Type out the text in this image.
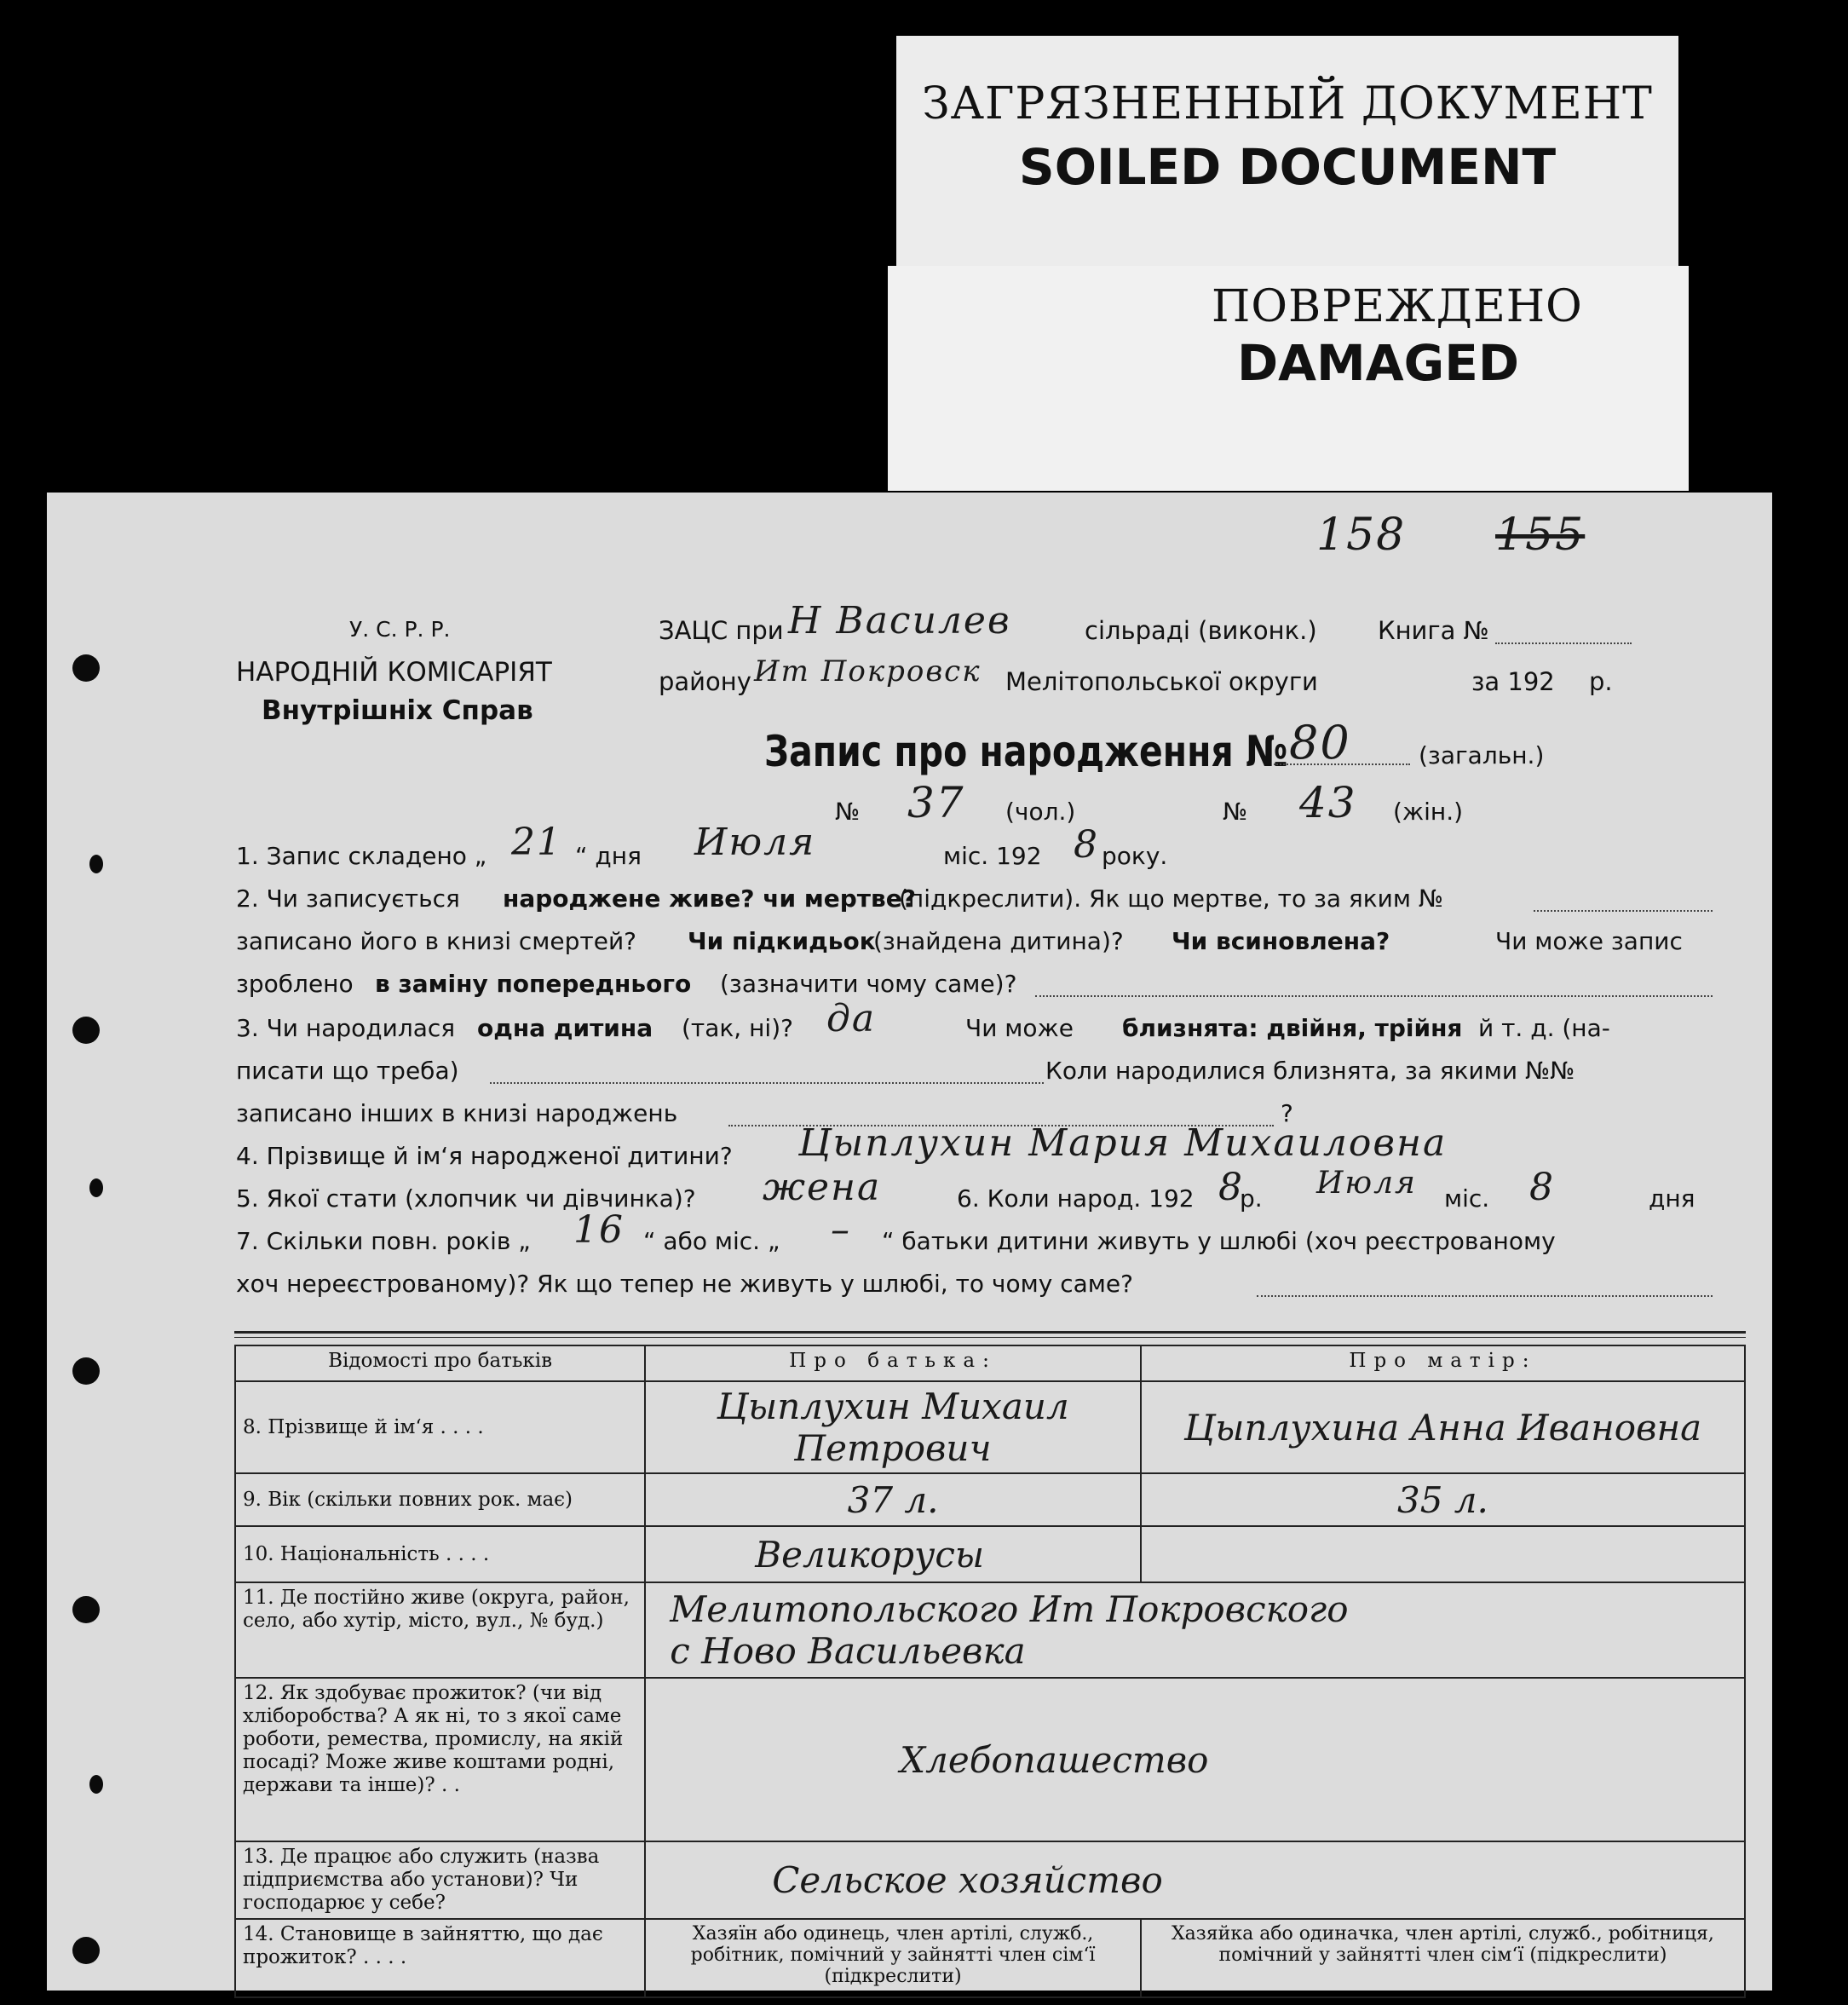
ЗАГРЯЗНЕННЫЙ ДОКУМЕНТ
SOILED DOCUMENT
ПОВРЕЖДЕНО
DAMAGED
158 155
У. С. Р. Р.
НАРОДНІЙ КОМІСАРІЯТ
Внутрішніх Справ
ЗАЦС при Н Василев	сільраді (виконк.) Книга №
району Ит Покровск Мелітопольської округи	за 192 р.
Запис про народження № 80	(загальн.)
№ 37 (чол.)	№ 43 (жін.)
1. Запис складено „ 21 “ дня Июля	міс. 192 8 року.
2. Чи записується народжене живе? чи мертве?
(підкреслити). Як що мертве, то за яким №
записано його в книзі смертей? Чи підкидьок
(знайдена дитина)? Чи всиновлена?	Чи може запис
зроблено в заміну попереднього (зазначити чому саме)?
3. Чи народилася одна дитина (так, ні)? да	Чи може близнята: двійня, трійня й т. д. (на-
писати що треба)	Коли народилися близнята, за якими №№
записано інших в книзі народжень	?
4. Прізвище й ім‘я народженої дитини? Цыплухин Мария Михаиловна
5. Якої стати (хлопчик чи дівчинка)? жена	6. Коли народ. 192 8
р. Июля міс. 8	дня
7. Скільки повн. років „ 16 “ або міс. „ – “ батьки дитини живуть у шлюбі (хоч реєстрованому
хоч нереєстрованому)? Як що тепер не живуть у шлюбі, то чому саме?
Відомості про батьків	Про батька:	Про матір:
8. Прізвище й ім‘я . . . .	Цыплухин Михаил Петрович	Цыплухина Анна Ивановна
9. Вік (скільки повних рок. має)	37 л.	35 л.
10. Національність . . . .	Великорусы	
11. Де постійно живе (округа, район, село, або хутір, місто, вул., № буд.)	Мелитопольского Ит Покровского
с Ново Васильевка	

12. Як здобуває прожиток? (чи від хліборобства? А як ні, то з якої саме роботи, ремества, промислу, на якій посаді? Може живе коштами родні, держави та інше)? . .	Хлебопашество	
13. Де працює або служить (назва підприємства або установи)? Чи господарює у себе?	Сельское хозяйство	
14. Становище в зайняттю, що дає прожиток? . . . .	Хазяїн або одинець, член артілі, служб., робітник, помічний у зайнятті член сім‘ї (підкреслити)	Хазяйка або одиначка, член артілі, служб., робітниця, помічний у зайнятті член сім‘ї (підкреслити)
